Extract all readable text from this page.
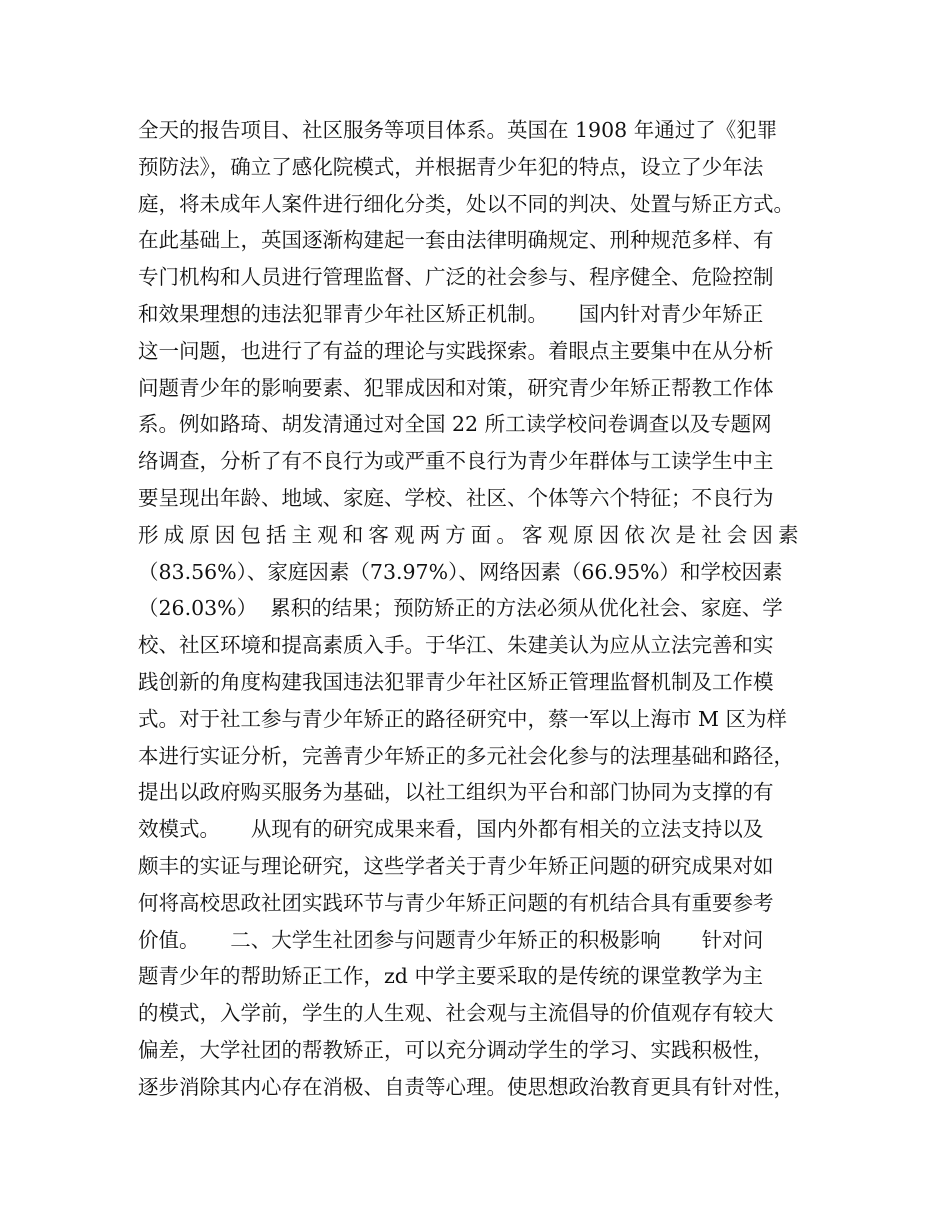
全天的报告项目、社区服务等项目体系。英国在 1908 年通过了《犯罪
预防法》，确立了感化院模式，并根据青少年犯的特点，设立了少年法
庭，将未成年人案件进行细化分类，处以不同的判决、处置与矫正方式。
在此基础上，英国逐渐构建起一套由法律明确规定、刑种规范多样、有
专门机构和人员进行管理监督、广泛的社会参与、程序健全、危险控制
和效果理想的违法犯罪青少年社区矫正机制。　　国内针对青少年矫正
这一问题，也进行了有益的理论与实践探索。着眼点主要集中在从分析
问题青少年的影响要素、犯罪成因和对策，研究青少年矫正帮教工作体
系。例如路琦、胡发清通过对全国 22 所工读学校问卷调查以及专题网
络调查，分析了有不良行为或严重不良行为青少年群体与工读学生中主
要呈现出年龄、地域、家庭、学校、社区、个体等六个特征；不良行为
形成原因包括主观和客观两方面。客观原因依次是社会因素
（83.56%）、家庭因素（73.97%）、网络因素（66.95%）和学校因素
（26.03%）  累积的结果；预防矫正的方法必须从优化社会、家庭、学
校、社区环境和提高素质入手。于华江、朱建美认为应从立法完善和实
践创新的角度构建我国违法犯罪青少年社区矫正管理监督机制及工作模
式。对于社工参与青少年矫正的路径研究中，蔡一军以上海市 M 区为样
本进行实证分析，完善青少年矫正的多元社会化参与的法理基础和路径，
提出以政府购买服务为基础，以社工组织为平台和部门协同为支撑的有
效模式。　　从现有的研究成果来看，国内外都有相关的立法支持以及
颇丰的实证与理论研究，这些学者关于青少年矫正问题的研究成果对如
何将高校思政社团实践环节与青少年矫正问题的有机结合具有重要参考
价值。　　二、大学生社团参与问题青少年矫正的积极影响　　针对问
题青少年的帮助矫正工作，zd 中学主要采取的是传统的课堂教学为主
的模式，入学前，学生的人生观、社会观与主流倡导的价值观存有较大
偏差，大学社团的帮教矫正，可以充分调动学生的学习、实践积极性，
逐步消除其内心存在消极、自责等心理。使思想政治教育更具有针对性，
